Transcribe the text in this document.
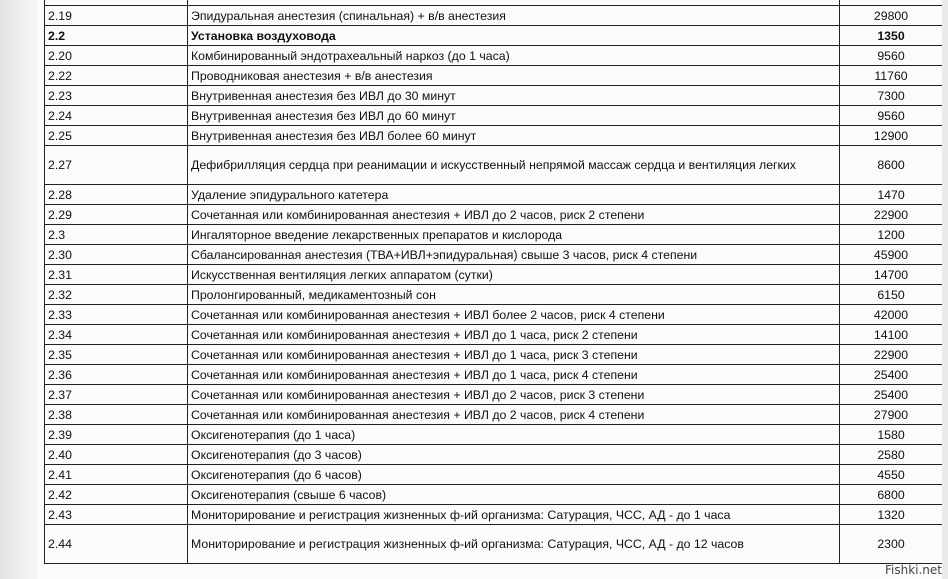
2.19	Эпидуральная анестезия (спинальная) + в/в анестезия	29800
2.2	Установка воздуховода	1350
2.20	Комбинированный эндотрахеальный наркоз (до 1 часа)	9560
2.22	Проводниковая анестезия + в/в анестезия	11760
2.23	Внутривенная анестезия без ИВЛ до 30 минут	7300
2.24	Внутривенная анестезия без ИВЛ до 60 минут	9560
2.25	Внутривенная анестезия без ИВЛ более 60 минут	12900
2.27	Дефибрилляция сердца при реанимации и искусственный непрямой массаж сердца и вентиляция легких	8600
2.28	Удаление эпидурального катетера	1470
2.29	Сочетанная или комбинированная анестезия + ИВЛ до 2 часов, риск 2 степени	22900
2.3	Ингаляторное введение лекарственных препаратов и кислорода	1200
2.30	Сбалансированная анестезия (ТВА+ИВЛ+эпидуральная) свыше 3 часов, риск 4 степени	45900
2.31	Искусственная вентиляция легких аппаратом (сутки)	14700
2.32	Пролонгированный, медикаментозный сон	6150
2.33	Сочетанная или комбинированная анестезия + ИВЛ более 2 часов, риск 4 степени	42000
2.34	Сочетанная или комбинированная анестезия + ИВЛ до 1 часа, риск 2 степени	14100
2.35	Сочетанная или комбинированная анестезия + ИВЛ до 1 часа, риск 3 степени	22900
2.36	Сочетанная или комбинированная анестезия + ИВЛ до 1 часа, риск 4 степени	25400
2.37	Сочетанная или комбинированная анестезия + ИВЛ до 2 часов, риск 3 степени	25400
2.38	Сочетанная или комбинированная анестезия + ИВЛ до 2 часов, риск 4 степени	27900
2.39	Оксигенотерапия (до 1 часа)	1580
2.40	Оксигенотерапия (до 3 часов)	2580
2.41	Оксигенотерапия (до 6 часов)	4550
2.42	Оксигенотерапия (свыше 6 часов)	6800
2.43	Мониторирование и регистрация жизненных ф-ий организма: Сатурация, ЧСС, АД - до 1 часа	1320
2.44	Мониторирование и регистрация жизненных ф-ий организма: Сатурация, ЧСС, АД - до 12 часов	2300
Fishki.net
